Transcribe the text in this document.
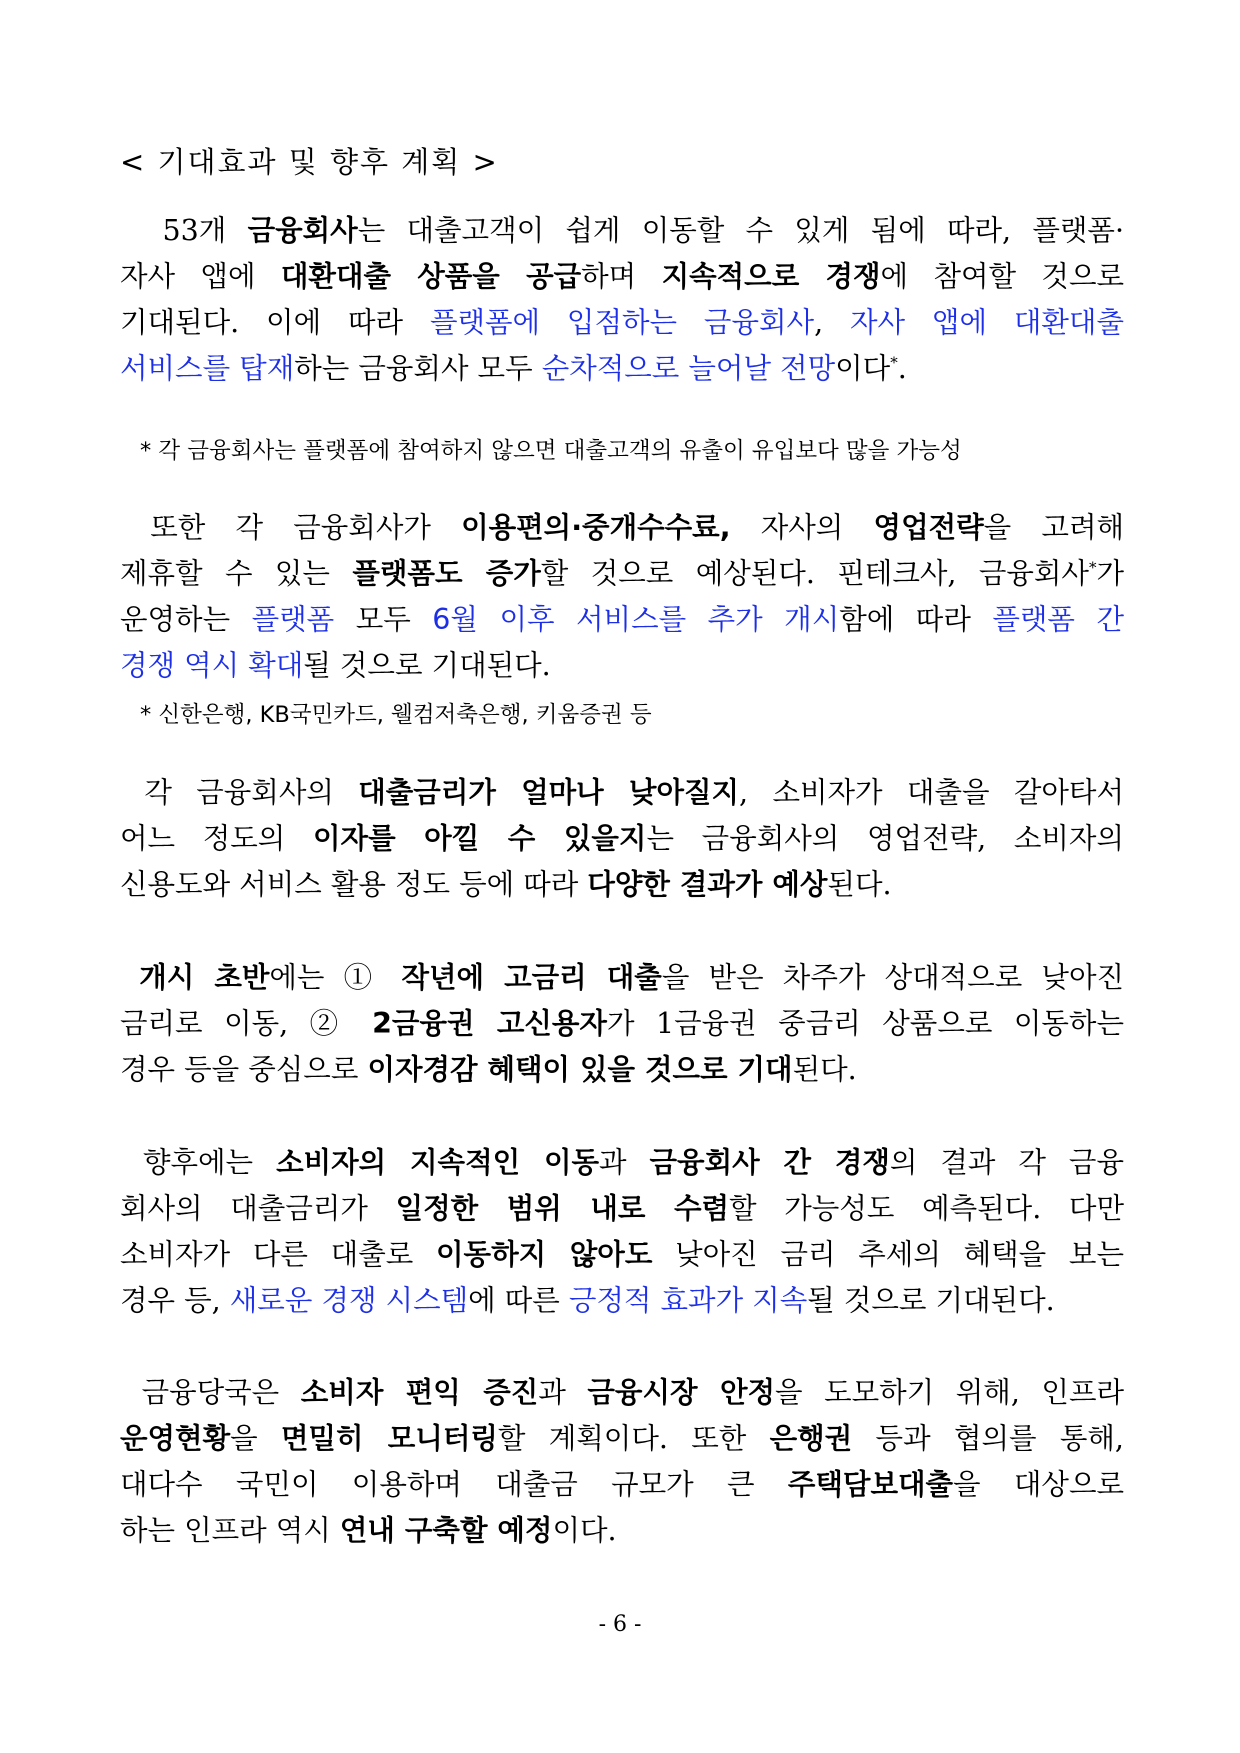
< 기대효과 및 향후 계획 >
53개 금융회사는 대출고객이 쉽게 이동할 수 있게 됨에 따라, 플랫폼·
자사 앱에 대환대출 상품을 공급하며 지속적으로 경쟁에 참여할 것으로
기대된다. 이에 따라 플랫폼에 입점하는 금융회사, 자사 앱에 대환대출
서비스를 탑재하는 금융회사 모두 순차적으로 늘어날 전망이다*.
* 각 금융회사는 플랫폼에 참여하지 않으면 대출고객의 유출이 유입보다 많을 가능성
또한 각 금융회사가 이용편의·중개수수료, 자사의 영업전략을 고려해
제휴할 수 있는 플랫폼도 증가할 것으로 예상된다. 핀테크사, 금융회사*가
운영하는 플랫폼 모두 6월 이후 서비스를 추가 개시함에 따라 플랫폼 간
경쟁 역시 확대될 것으로 기대된다.
* 신한은행, KB국민카드, 웰컴저축은행, 키움증권 등
각 금융회사의 대출금리가 얼마나 낮아질지, 소비자가 대출을 갈아타서
어느 정도의 이자를 아낄 수 있을지는 금융회사의 영업전략, 소비자의
신용도와 서비스 활용 정도 등에 따라 다양한 결과가 예상된다.
개시 초반에는 ① 작년에 고금리 대출을 받은 차주가 상대적으로 낮아진
금리로 이동, ② 2금융권 고신용자가 1금융권 중금리 상품으로 이동하는
경우 등을 중심으로 이자경감 혜택이 있을 것으로 기대된다.
향후에는 소비자의 지속적인 이동과 금융회사 간 경쟁의 결과 각 금융
회사의 대출금리가 일정한 범위 내로 수렴할 가능성도 예측된다. 다만
소비자가 다른 대출로 이동하지 않아도 낮아진 금리 추세의 혜택을 보는
경우 등, 새로운 경쟁 시스템에 따른 긍정적 효과가 지속될 것으로 기대된다.
금융당국은 소비자 편익 증진과 금융시장 안정을 도모하기 위해, 인프라
운영현황을 면밀히 모니터링할 계획이다. 또한 은행권 등과 협의를 통해,
대다수 국민이 이용하며 대출금 규모가 큰 주택담보대출을 대상으로
하는 인프라 역시 연내 구축할 예정이다.
- 6 -
